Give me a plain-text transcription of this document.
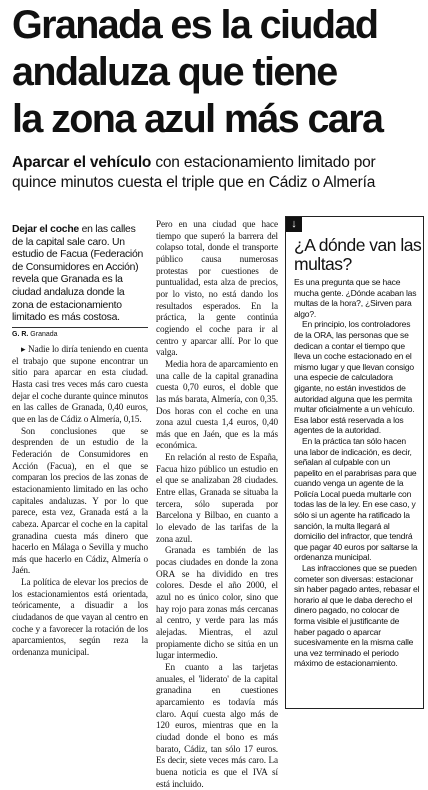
Granada es la ciudad
andaluza que tiene
la zona azul más cara
Aparcar el vehículo con estacionamiento limitado por quince minutos cuesta el triple que en Cádiz o Almería
Dejar el coche en las calles de la capital sale caro. Un estudio de Facua (Federación de Consumidores en Acción) revela que Granada es la ciudad andaluza donde la zona de estacionamiento limitado es más costosa.
G. R. Granada

▸ Nadie lo diría teniendo en cuenta el trabajo que supone encontrar un sitio para aparcar en esta ciudad. Hasta casi tres veces más caro cuesta dejar el coche durante quince minutos en las calles de Granada, 0,40 euros, que en las de Cádiz o Almería, 0,15.

Son conclusiones que se desprenden de un estudio de la Federación de Consumidores en Acción (Facua), en el que se comparan los precios de las zonas de estacionamiento limitado en las ocho capitales andaluzas. Y por lo que parece, esta vez, Granada está a la cabeza. Aparcar el coche en la capital granadina cuesta más dinero que hacerlo en Málaga o Sevilla y mucho más que hacerlo en Cádiz, Almería o Jaén.

La política de elevar los precios de los estacionamientos está orientada, teóricamente, a disuadir a los ciudadanos de que vayan al centro en coche y a favorecer la rotación de los aparcamientos, según reza la ordenanza municipal.

Pero en una ciudad que hace tiempo que superó la barrera del colapso total, donde el transporte público causa numerosas protestas por cuestiones de puntualidad, esta alza de precios, por lo visto, no está dando los resultados esperados. En la práctica, la gente continúa cogiendo el coche para ir al centro y aparcar allí. Por lo que valga.

Media hora de aparcamiento en una calle de la capital granadina cuesta 0,70 euros, el doble que las más barata, Almería, con 0,35. Dos horas con el coche en una zona azul cuesta 1,4 euros, 0,40 más que en Jaén, que es la más económica.

En relación al resto de España, Facua hizo público un estudio en el que se analizaban 28 ciudades. Entre ellas, Granada se situaba la tercera, sólo superada por Barcelona y Bilbao, en cuanto a lo elevado de las tarifas de la zona azul.

Granada es también de las pocas ciudades en donde la zona ORA se ha dividido en tres colores. Desde el año 2000, el azul no es único color, sino que hay rojo para zonas más cercanas al centro, y verde para las más alejadas. Mientras, el azul propiamente dicho se sitúa en un lugar intermedio.

En cuanto a las tarjetas anuales, el 'liderato' de la capital granadina en cuestiones aparcamiento es todavía más claro. Aquí cuesta algo más de 120 euros, mientras que en la ciudad donde el bono es más barato, Cádiz, tan sólo 17 euros. Es decir, siete veces más caro. La buena noticia es que el IVA sí está incluido.

↓
¿A dónde van las multas?

Es una pregunta que se hace mucha gente. ¿Dónde acaban las multas de la hora?, ¿Sirven para algo?.

En principio, los controladores de la ORA, las personas que se dedican a contar el tiempo que lleva un coche estacionado en el mismo lugar y que llevan consigo una especie de calculadora gigante, no están investidos de autoridad alguna que les permita multar oficialmente a un vehículo. Esa labor está reservada a los agentes de la autoridad.

En la práctica tan sólo hacen una labor de indicación, es decir, señalan al culpable con un papelito en el parabrisas para que cuando venga un agente de la Policía Local pueda multarle con todas las de la ley. En ese caso, y sólo si un agente ha ratificado la sanción, la multa llegará al domicilio del infractor, que tendrá que pagar 40 euros por saltarse la ordenanza municipal.

Las infracciones que se pueden cometer son diversas: estacionar sin haber pagado antes, rebasar el horario al que le daba derecho el dinero pagado, no colocar de forma visible el justificante de haber pagado o aparcar sucesivamente en la misma calle una vez terminado el periodo máximo de estacionamiento.
